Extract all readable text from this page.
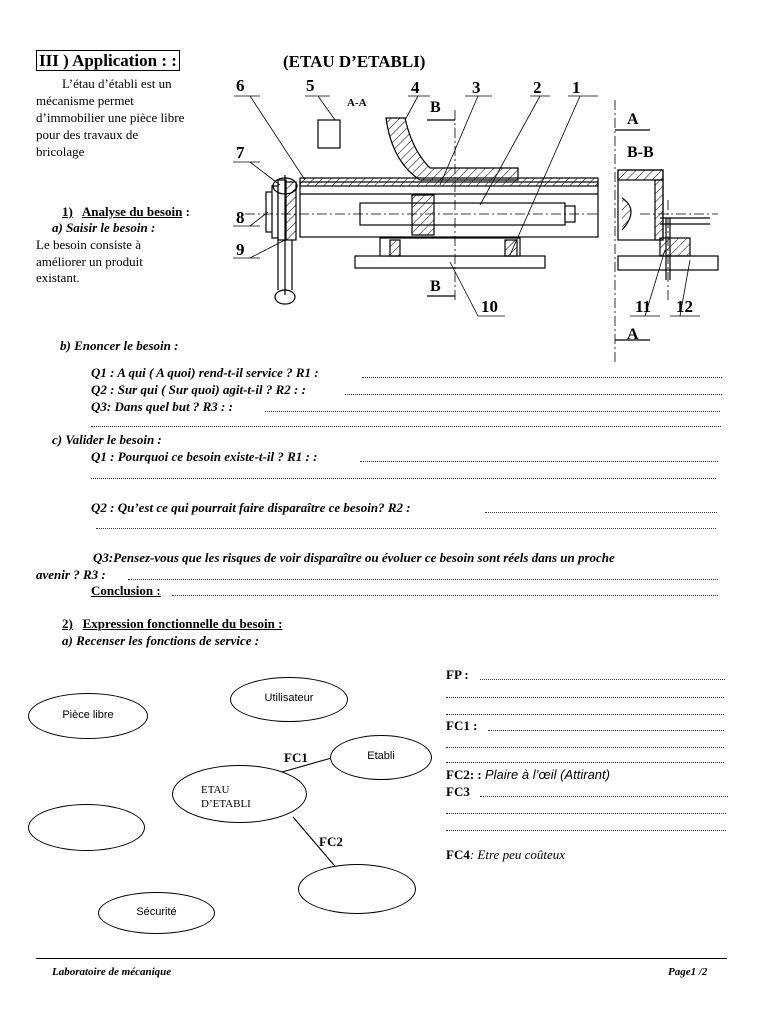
III ) Application : :	(ETAU D’ETABLI)
L’étau d’établi est un
mécanisme permet
d’immobilier une pièce libre
pour des travaux de
bricolage
6	5	4	3	2 1
7
8
9
10	11 12
A-A	B
B
A
B-B
A
1) Analyse du besoin :
a) Saisir le besoin :
Le besoin consiste à
améliorer un produit
existant.
b) Enoncer le besoin :
Q1 : A qui ( A quoi) rend-t-il service ? R1 :
Q2 : Sur qui ( Sur quoi) agit-t-il ? R2 : :
Q3: Dans quel but ? R3 : :
c) Valider le besoin :
Q1 : Pourquoi ce besoin existe-t-il ? R1 : :
Q2 : Qu’est ce qui pourrait faire disparaître ce besoin? R2 :
Q3:Pensez-vous que les risques de voir disparaître ou évoluer ce besoin sont réels dans un proche
avenir ? R3 :
Conclusion :
2) Expression fonctionnelle du besoin :
a) Recenser les fonctions de service :
Pièce libre
Utilisateur
Etabli
ETAU
D’ETABLI
Sécurité
FC1
FC2
FP :
FC1 :
FC2: : Plaire à l’œil (Attirant)
FC3
FC4: Etre peu coûteux
Laboratoire de mécanique	Page1 /2
